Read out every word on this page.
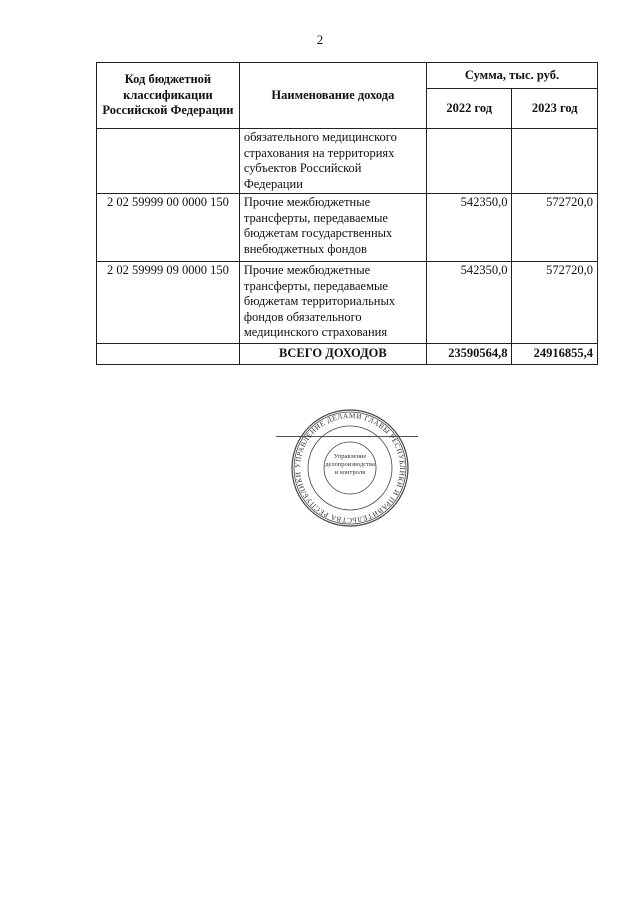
2
Код бюджетной классификации Российской Федерации	Наименование дохода	Сумма, тыс. руб.	
		2022 год	2023 год
	обязательного медицинского страхования на территориях субъектов Российской Федерации		
2 02 59999 00 0000 150	Прочие межбюджетные трансферты, передаваемые бюджетам государственных внебюджетных фондов	542350,0	572720,0
2 02 59999 09 0000 150	Прочие межбюджетные трансферты, передаваемые бюджетам территориальных фондов обязательного медицинского страхования	542350,0	572720,0
	ВСЕГО ДОХОДОВ	23590564,8	24916855,4
УПРАВЛЕНИЕ ДЕЛАМИ ГЛАВЫ РЕСПУБЛИКИ И ПРАВИТЕЛЬСТВА РЕСПУБЛИКИ
Управление делопроизводства и контроля
